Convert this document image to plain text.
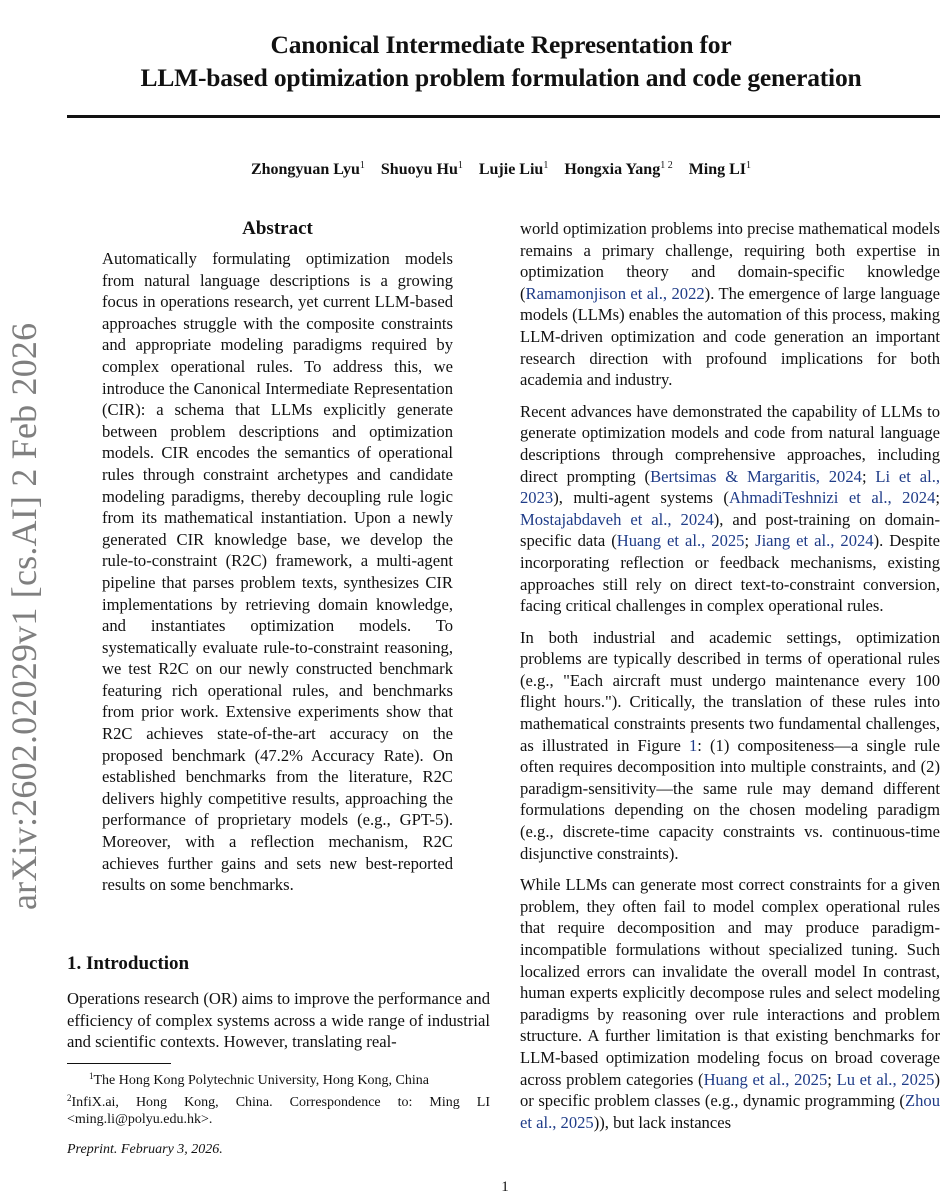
Canonical Intermediate Representation for
LLM-based optimization problem formulation and code generation
Zhongyuan Lyu$^1$ Shuoyu Hu$^1$ Lujie Liu$^1$ Hongxia Yang$^{1 2}$ Ming $LI^1$
arXiv:2602.02029v1 [cs.AI] 2 Feb 2026
Abstract
Automatically formulating optimization models from natural language descriptions is a growing focus in operations research, yet current LLM-based approaches struggle with the composite constraints and appropriate modeling paradigms required by complex operational rules. To address this, we introduce the Canonical Intermediate Representation (CIR): a schema that LLMs explicitly generate between problem descriptions and optimization models. CIR encodes the semantics of operational rules through constraint archetypes and candidate modeling paradigms, thereby decoupling rule logic from its mathematical instantiation. Upon a newly generated CIR knowledge base, we develop the rule-to-constraint (R2C) framework, a multi-agent pipeline that parses problem texts, synthesizes CIR implementations by retrieving domain knowledge, and instantiates optimization models. To systematically evaluate rule-to-constraint reasoning, we test R2C on our newly constructed benchmark featuring rich operational rules, and benchmarks from prior work. Extensive experiments show that R2C achieves state-of-the-art accuracy on the proposed benchmark (47.2% Accuracy Rate). On established benchmarks from the literature, R2C delivers highly competitive results, approaching the performance of proprietary models (e.g., GPT-5). Moreover, with a reflection mechanism, R2C achieves further gains and sets new best-reported results on some benchmarks.
1. Introduction
Operations research (OR) aims to improve the performance and efficiency of complex systems across a wide range of industrial and scientific contexts. However, translating real-

$^1$The Hong Kong Polytechnic University, Hong Kong, China

$^2$InfiX.ai, Hong Kong, China. Correspondence to: Ming LI <ming.li@polyu.edu.hk>.

Preprint. February 3, 2026.

world optimization problems into precise mathematical models remains a primary challenge, requiring both expertise in optimization theory and domain-specific knowledge (Ramamonjison et al., 2022). The emergence of large language models (LLMs) enables the automation of this process, making LLM-driven optimization and code generation an important research direction with profound implications for both academia and industry.

Recent advances have demonstrated the capability of LLMs to generate optimization models and code from natural language descriptions through comprehensive approaches, including direct prompting (Bertsimas & Margaritis, 2024; Li et al., 2023), multi-agent systems (AhmadiTeshnizi et al., 2024; Mostajabdaveh et al., 2024), and post-training on domain-specific data (Huang et al., 2025; Jiang et al., 2024). Despite incorporating reflection or feedback mechanisms, existing approaches still rely on direct text-to-constraint conversion, facing critical challenges in complex operational rules.

In both industrial and academic settings, optimization problems are typically described in terms of operational rules (e.g., "Each aircraft must undergo maintenance every 100 flight hours."). Critically, the translation of these rules into mathematical constraints presents two fundamental challenges, as illustrated in Figure 1: (1) compositeness—a single rule often requires decomposition into multiple constraints, and (2) paradigm-sensitivity—the same rule may demand different formulations depending on the chosen modeling paradigm (e.g., discrete-time capacity constraints vs. continuous-time disjunctive constraints).

While LLMs can generate most correct constraints for a given problem, they often fail to model complex operational rules that require decomposition and may produce paradigm-incompatible formulations without specialized tuning. Such localized errors can invalidate the overall model In contrast, human experts explicitly decompose rules and select modeling paradigms by reasoning over rule interactions and problem structure. A further limitation is that existing benchmarks for LLM-based optimization modeling focus on broad coverage across problem categories (Huang et al., 2025; Lu et al., 2025) or specific problem classes (e.g., dynamic programming (Zhou et al., 2025)), but lack instances

1
